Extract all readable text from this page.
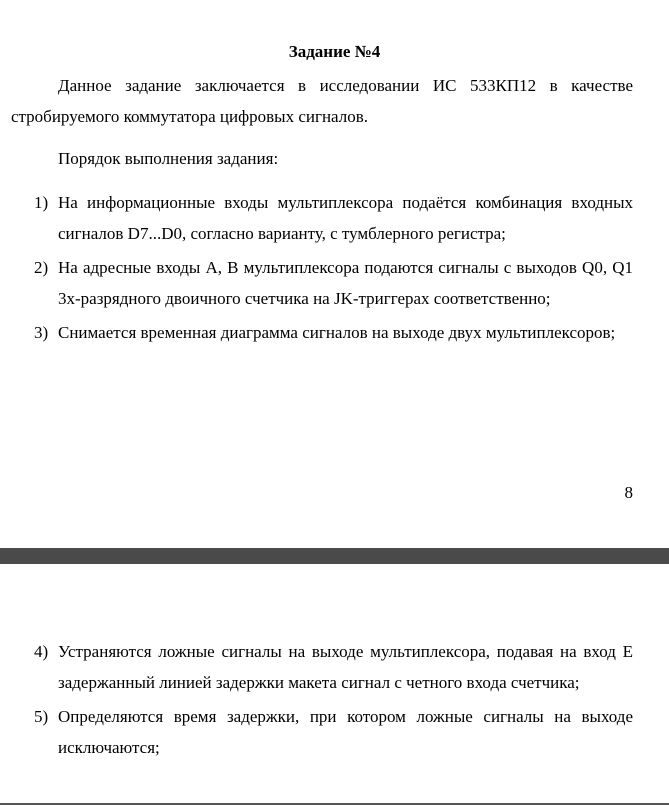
Задание №4
Данное задание заключается в исследовании ИС 533КП12 в качестве стробируемого коммутатора цифровых сигналов.
Порядок выполнения задания:
1) На информационные входы мультиплексора подаётся комбинация входных сигналов D7...D0, согласно варианту, с тумблерного регистра;
2) На адресные входы A, B мультиплексора подаются сигналы с выходов Q0, Q1 3х-разрядного двоичного счетчика на JK-триггерах соответственно;
3) Снимается временная диаграмма сигналов на выходе двух мультиплексоров;
8
4) Устраняются ложные сигналы на выходе мультиплексора, подавая на вход E задержанный линией задержки макета сигнал с четного входа счетчика;
5) Определяются время задержки, при котором ложные сигналы на выходе исключаются;
